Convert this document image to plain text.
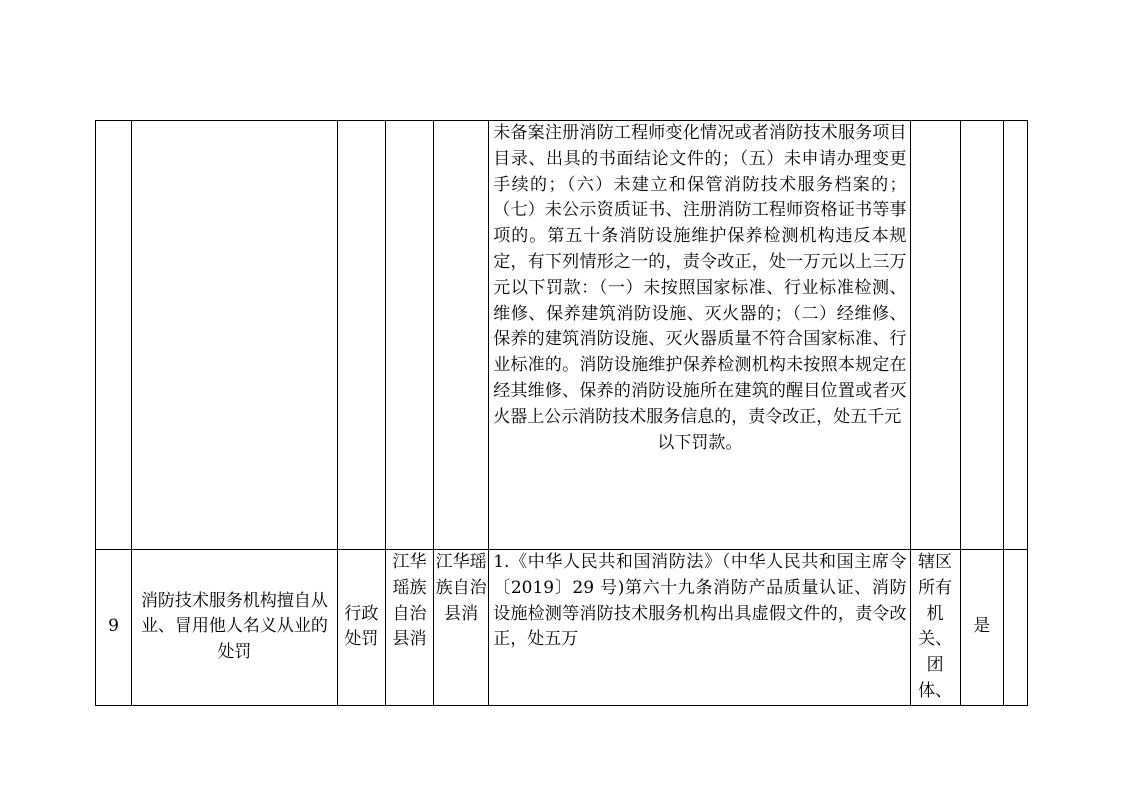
					未备案注册消防工程师变化情况或者消防技术服务项目目录、出具的书面结论文件的；（五）未申请办理变更手续的；（六）未建立和保管消防技术服务档案的；（七）未公示资质证书、注册消防工程师资格证书等事项的。第五十条消防设施维护保养检测机构违反本规定，有下列情形之一的，责令改正，处一万元以上三万元以下罚款：（一）未按照国家标准、行业标准检测、维修、保养建筑消防设施、灭火器的；（二）经维修、保养的建筑消防设施、灭火器质量不符合国家标准、行业标准的。消防设施维护保养检测机构未按照本规定在经其维修、保养的消防设施所在建筑的醒目位置或者灭火器上公示消防技术服务信息的，责令改正，处五千元
以下罚款。			

9	消防技术服务机构擅自从业、冒用他人名义从业的处罚	行政处罚	江华瑶族自治县消	江华瑶族自治县消	1.《中华人民共和国消防法》（中华人民共和国主席令〔2019〕29 号)第六十九条消防产品质量认证、消防设施检测等消防技术服务机构出具虚假文件的，责令改正，处五万	辖区所有机关、团体、	是	
